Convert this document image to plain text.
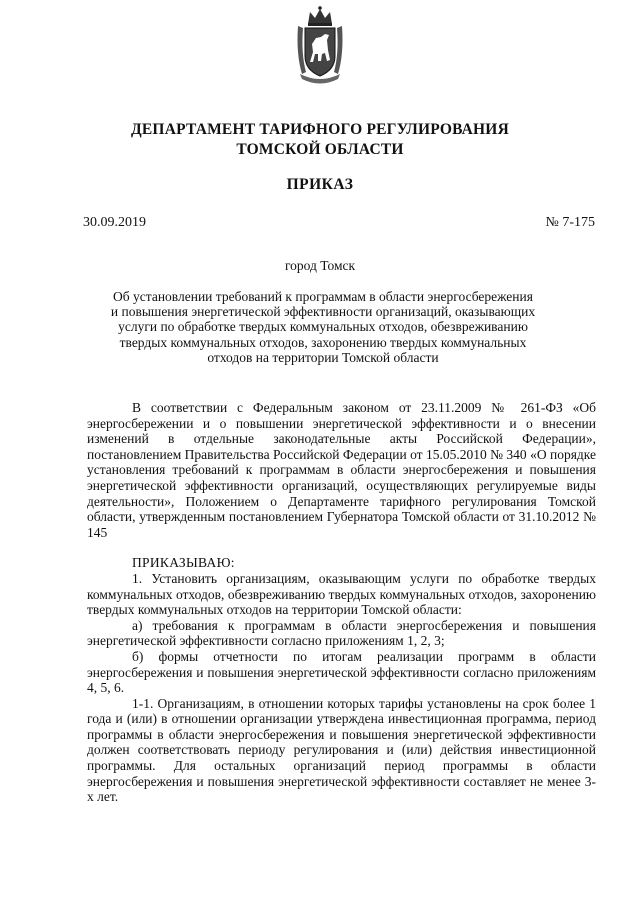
ДЕПАРТАМЕНТ ТАРИФНОГО РЕГУЛИРОВАНИЯ
ТОМСКОЙ ОБЛАСТИ
ПРИКАЗ
30.09.2019	№ 7-175
город Томск
Об установлении требований к программам в области энергосбережения и повышения энергетической эффективности организаций, оказывающих услуги по обработке твердых коммунальных отходов, обезвреживанию твердых коммунальных отходов, захоронению твердых коммунальных отходов на территории Томской области

В соответствии с Федеральным законом от 23.11.2009 № 261-ФЗ «Об энергосбережении и о повышении энергетической эффективности и о внесении изменений в отдельные законодательные акты Российской Федерации», постановлением Правительства Российской Федерации от 15.05.2010 № 340 «О порядке установления требований к программам в области энергосбережения и повышения энергетической эффективности организаций, осуществляющих регулируемые виды деятельности», Положением о Департаменте тарифного регулирования Томской области, утвержденным постановлением Губернатора Томской области от 31.10.2012 № 145

ПРИКАЗЫВАЮ:

1. Установить организациям, оказывающим услуги по обработке твердых коммунальных отходов, обезвреживанию твердых коммунальных отходов, захоронению твердых коммунальных отходов на территории Томской области:

а) требования к программам в области энергосбережения и повышения энергетической эффективности согласно приложениям 1, 2, 3;

б) формы отчетности по итогам реализации программ в области энергосбережения и повышения энергетической эффективности согласно приложениям 4, 5, 6.

1-1. Организациям, в отношении которых тарифы установлены на срок более 1 года и (или) в отношении организации утверждена инвестиционная программа, период программы в области энергосбережения и повышения энергетической эффективности должен соответствовать периоду регулирования и (или) действия инвестиционной программы. Для остальных организаций период программы в области энергосбережения и повышения энергетической эффективности составляет не менее 3-х лет.
